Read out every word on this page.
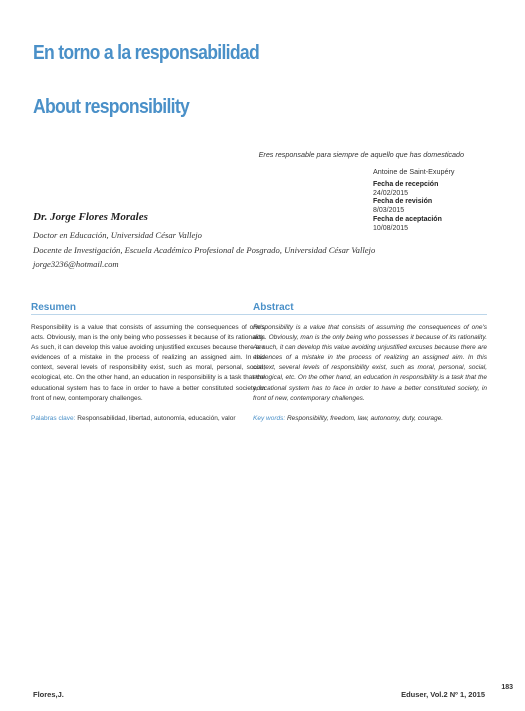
En torno a la responsabilidad
About responsibility
Eres responsable para siempre de aquello que has domesticado
Antoine de Saint-Exupéry
Fecha de recepción
24/02/2015
Fecha de revisión
8/03/2015
Fecha de aceptación
10/08/2015
Dr. Jorge Flores Morales
Doctor en Educación, Universidad César Vallejo
Docente de Investigación, Escuela Académico Profesional de Posgrado, Universidad César Vallejo
jorge3236@hotmail.com
Resumen

Responsibility is a value that consists of assuming the consequences of one's acts. Obviously, man is the only being who possesses it because of its rationality. As such, it can develop this value avoiding unjustified excuses because there are evidences of a mistake in the process of realizing an assigned aim. In this context, several levels of responsibility exist, such as moral, personal, social, ecological, etc. On the other hand, an education in responsibility is a task that the educational system has to face in order to have a better constituted society, in front of new, contemporary challenges.

Palabras clave: Responsabilidad, libertad, autonomía, educación, valor

Abstract

Responsibility is a value that consists of assuming the consequences of one's acts. Obviously, man is the only being who possesses it because of its rationality. As such, it can develop this value avoiding unjustified excuses because there are evidences of a mistake in the process of realizing an assigned aim. In this context, several levels of responsibility exist, such as moral, personal, social, ecological, etc. On the other hand, an education in responsibility is a task that the educational system has to face in order to have a better constituted society, in front of new, contemporary challenges.

Key words: Responsibility, freedom, law, autonomy, duty, courage.

Flores,J.	Eduser, Vol.2 Nº 1, 2015
183
